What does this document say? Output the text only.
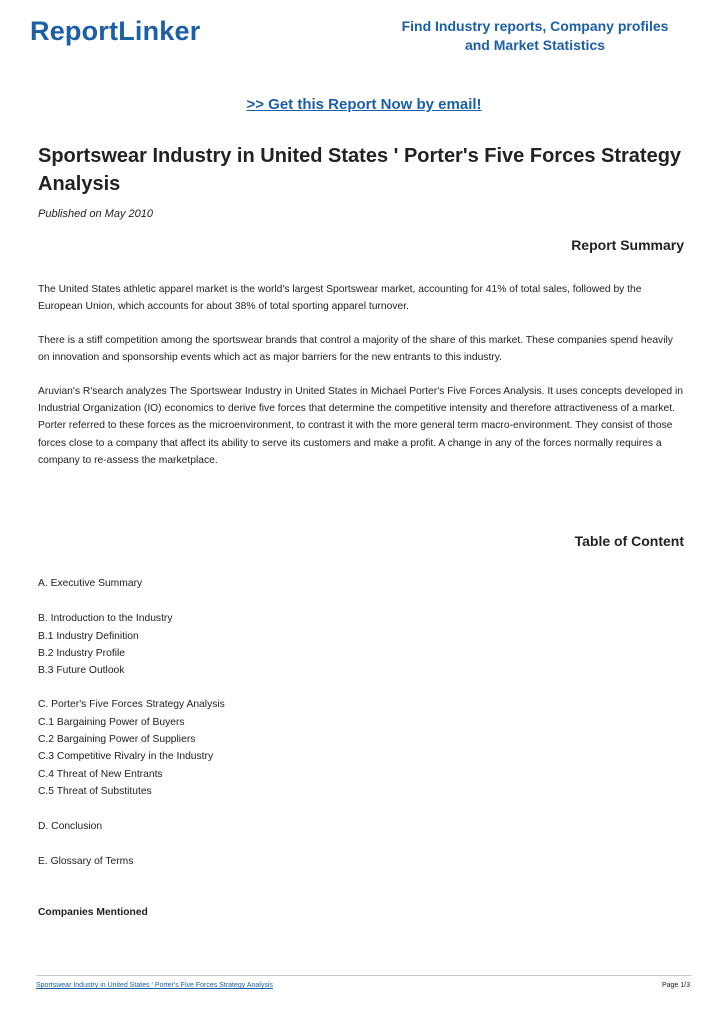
ReportLinker	Find Industry reports, Company profiles
and Market Statistics
>> Get this Report Now by email!
Sportswear Industry in United States ' Porter's Five Forces Strategy Analysis
Published on May 2010
Report Summary

The United States athletic apparel market is the world's largest Sportswear market, accounting for 41% of total sales, followed by the European Union, which accounts for about 38% of total sporting apparel turnover.

There is a stiff competition among the sportswear brands that control a majority of the share of this market. These companies spend heavily on innovation and sponsorship events which act as major barriers for the new entrants to this industry.

Aruvian's R'search analyzes The Sportswear Industry in United States in Michael Porter's Five Forces Analysis. It uses concepts developed in Industrial Organization (IO) economics to derive five forces that determine the competitive intensity and therefore attractiveness of a market. Porter referred to these forces as the microenvironment, to contrast it with the more general term macro-environment. They consist of those forces close to a company that affect its ability to serve its customers and make a profit. A change in any of the forces normally requires a company to re-assess the marketplace.

Table of Content
A. Executive Summary
B. Introduction to the Industry
B.1 Industry Definition
B.2 Industry Profile
B.3 Future Outlook
C. Porter's Five Forces Strategy Analysis
C.1 Bargaining Power of Buyers
C.2 Bargaining Power of Suppliers
C.3 Competitive Rivalry in the Industry
C.4 Threat of New Entrants
C.5 Threat of Substitutes
D. Conclusion
E. Glossary of Terms
Companies Mentioned
Sportswear Industry in United States ' Porter's Five Forces Strategy Analysis	Page 1/3
